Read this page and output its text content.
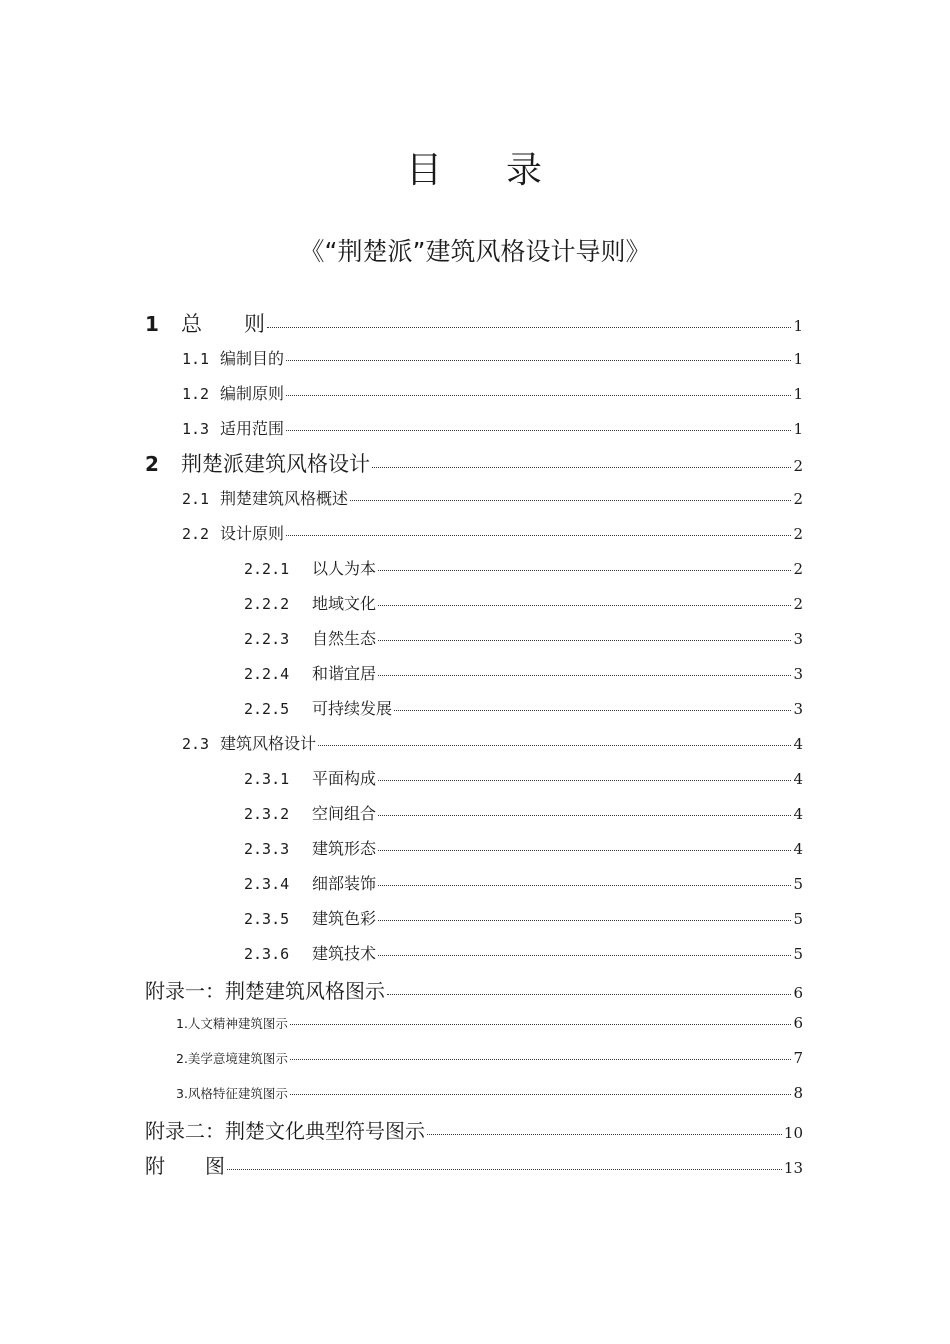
目 录
《“荆楚派”建筑风格设计导则》
1	总　　则	1
1.1 编制目的	1
1.2 编制原则	1
1.3 适用范围	1
2	荆楚派建筑风格设计	2
2.1 荆楚建筑风格概述	2
2.2 设计原则	2
2.2.1	以人为本	2
2.2.2	地域文化	2
2.2.3	自然生态	3
2.2.4	和谐宜居	3
2.2.5	可持续发展	3
2.3 建筑风格设计	4
2.3.1	平面构成	4
2.3.2	空间组合	4
2.3.3	建筑形态	4
2.3.4	细部装饰	5
2.3.5	建筑色彩	5
2.3.6	建筑技术	5
附录一：荆楚建筑风格图示	6
1.人文精神建筑图示	6
2.美学意境建筑图示	7
3.风格特征建筑图示	8
附录二：荆楚文化典型符号图示	10
附　　图	13
